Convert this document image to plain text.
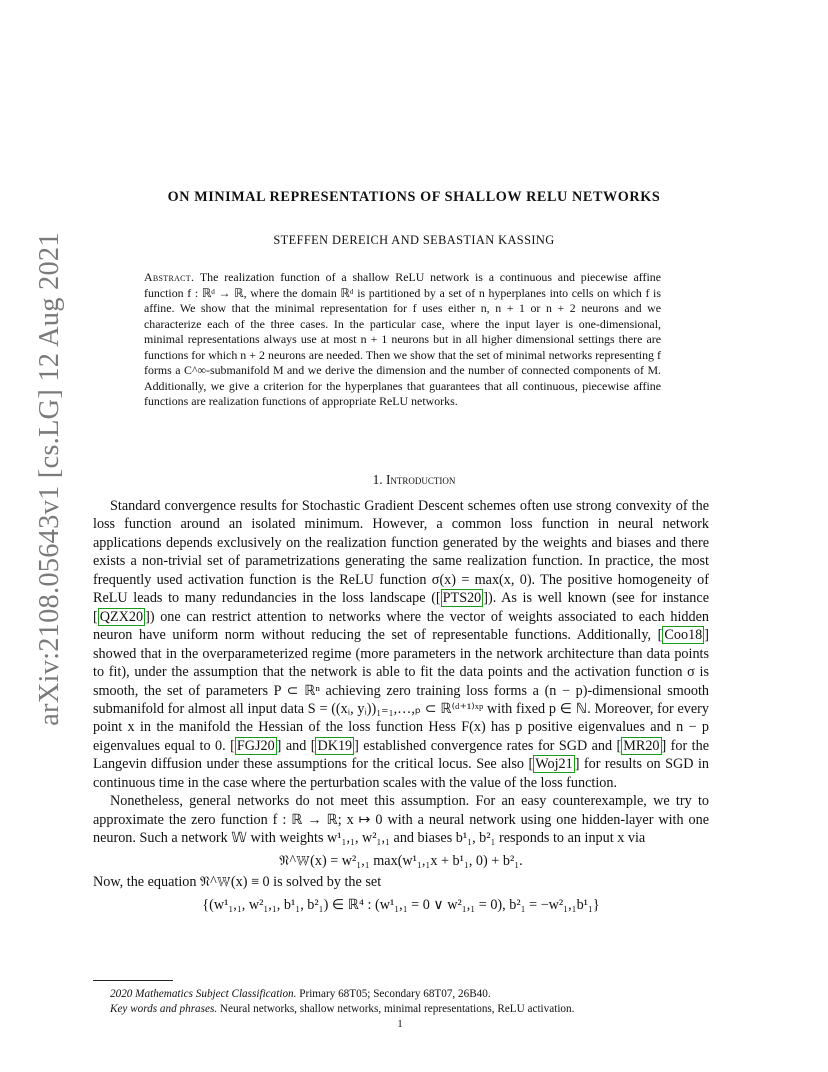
arXiv:2108.05643v1 [cs.LG] 12 Aug 2021
ON MINIMAL REPRESENTATIONS OF SHALLOW RELU NETWORKS
STEFFEN DEREICH AND SEBASTIAN KASSING
Abstract. The realization function of a shallow ReLU network is a continuous and piecewise affine function f : ℝᵈ → ℝ, where the domain ℝᵈ is partitioned by a set of n hyperplanes into cells on which f is affine. We show that the minimal representation for f uses either n, n + 1 or n + 2 neurons and we characterize each of the three cases. In the particular case, where the input layer is one-dimensional, minimal representations always use at most n + 1 neurons but in all higher dimensional settings there are functions for which n + 2 neurons are needed. Then we show that the set of minimal networks representing f forms a C^∞-submanifold M and we derive the dimension and the number of connected components of M. Additionally, we give a criterion for the hyperplanes that guarantees that all continuous, piecewise affine functions are realization functions of appropriate ReLU networks.
1. Introduction

Standard convergence results for Stochastic Gradient Descent schemes often use strong convexity of the loss function around an isolated minimum. However, a common loss function in neural network applications depends exclusively on the realization function generated by the weights and biases and there exists a non-trivial set of parametrizations generating the same realization function. In practice, the most frequently used activation function is the ReLU function σ(x) = max(x, 0). The positive homogeneity of ReLU leads to many redundancies in the loss landscape ([ PTS20 ]). As is well known (see for instance [ QZX20 ]) one can restrict attention to networks where the vector of weights associated to each hidden neuron have uniform norm without reducing the set of representable functions. Additionally, [ Coo18 ] showed that in the overparameterized regime (more parameters in the network architecture than data points to fit), under the assumption that the network is able to fit the data points and the activation function σ is smooth, the set of parameters P ⊂ ℝⁿ achieving zero training loss forms a (n − p)-dimensional smooth submanifold for almost all input data S = ((xᵢ, yᵢ))₁₌₁,…,ₚ ⊂ ℝ⁽ᵈ⁺¹⁾ˣᵖ with fixed p ∈ ℕ. Moreover, for every point x in the manifold the Hessian of the loss function Hess F(x) has p positive eigenvalues and n − p eigenvalues equal to 0. [ FGJ20 ] and [ DK19 ] established convergence rates for SGD and [ MR20 ] for the Langevin diffusion under these assumptions for the critical locus. See also [ Woj21 ] for results on SGD in continuous time in the case where the perturbation scales with the value of the loss function.

Nonetheless, general networks do not meet this assumption. For an easy counterexample, we try to approximate the zero function f : ℝ → ℝ; x ↦ 0 with a neural network using one hidden-layer with one neuron. Such a network 𝕎 with weights w¹₁,₁, w²₁,₁ and biases b¹₁, b²₁ responds to an input x via

𝔑^𝕎(x) = w²₁,₁ max(w¹₁,₁x + b¹₁, 0) + b²₁.

Now, the equation 𝔑^𝕎(x) ≡ 0 is solved by the set

{(w¹₁,₁, w²₁,₁, b¹₁, b²₁) ∈ ℝ⁴ : (w¹₁,₁ = 0 ∨ w²₁,₁ = 0), b²₁ = −w²₁,₁b¹₁}

2020 Mathematics Subject Classification. Primary 68T05; Secondary 68T07, 26B40.

Key words and phrases. Neural networks, shallow networks, minimal representations, ReLU activation.

1
